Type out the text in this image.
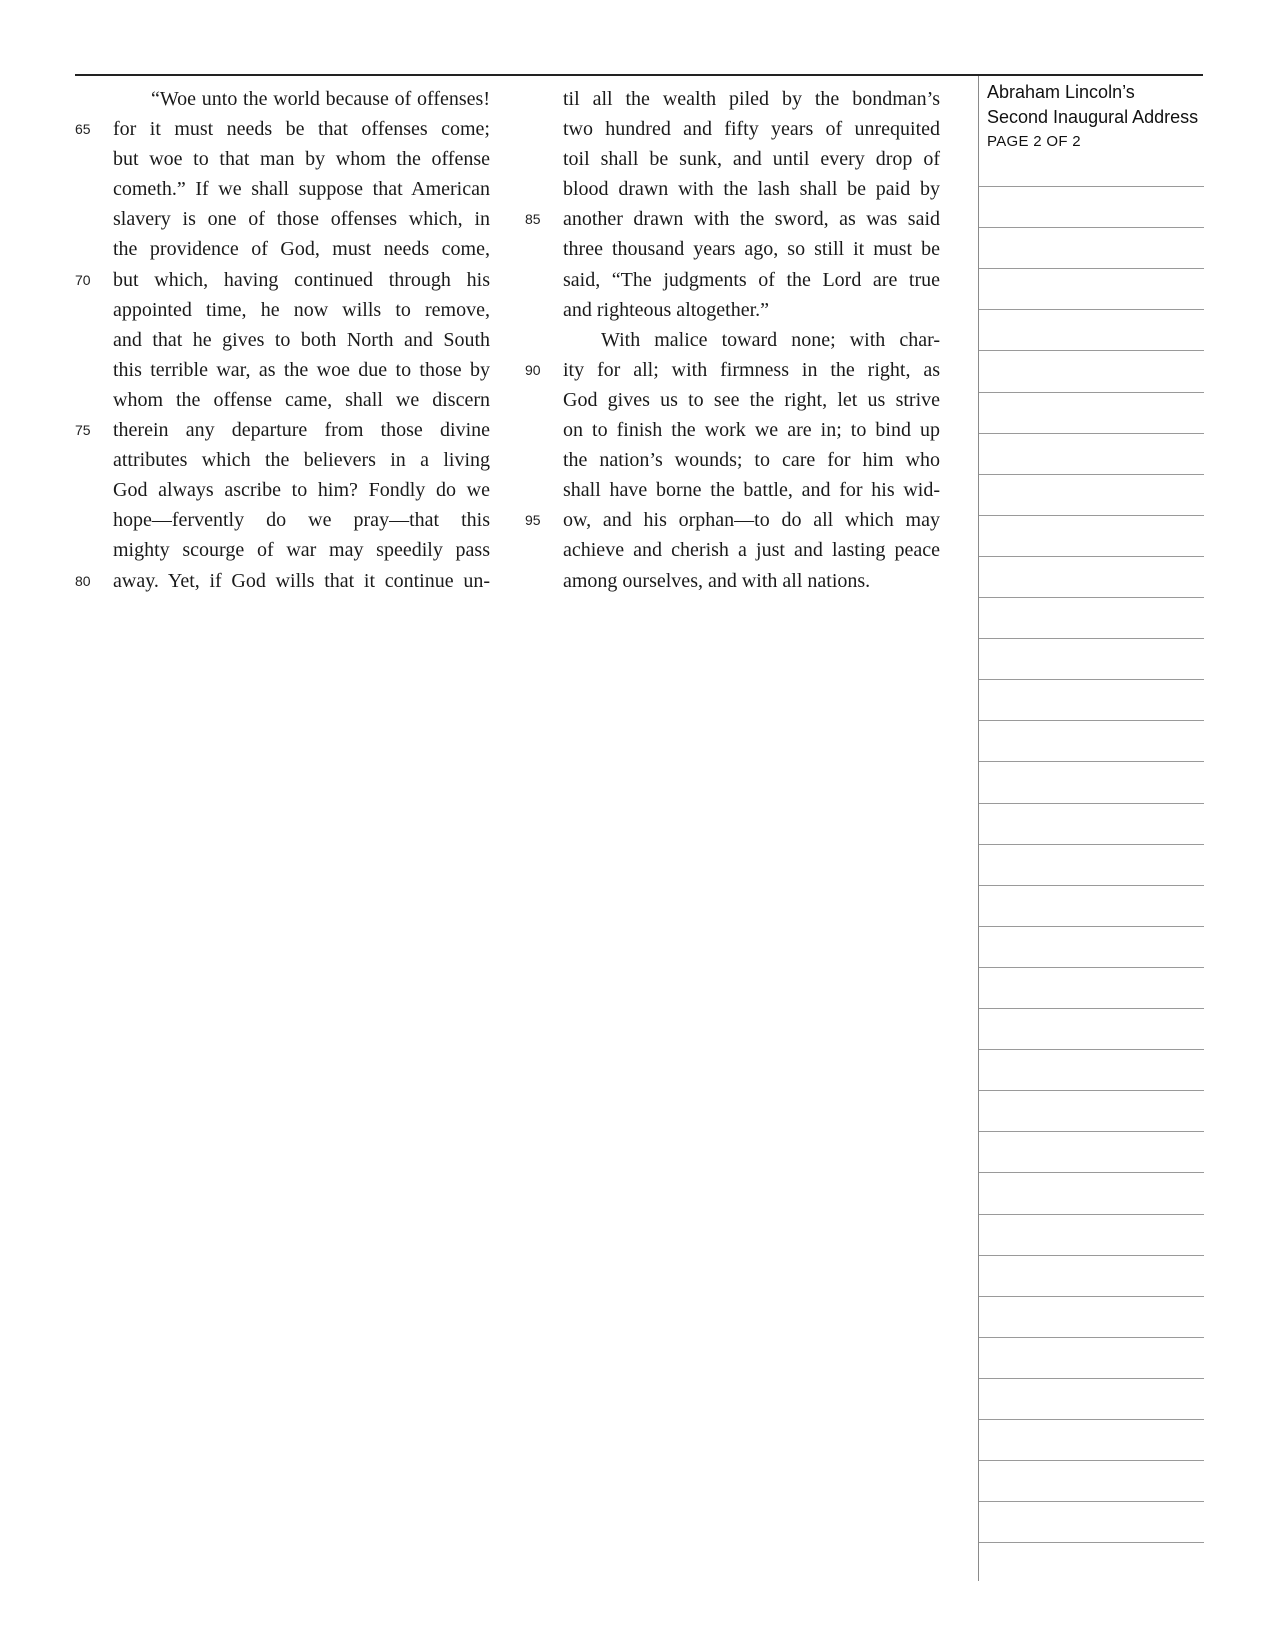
“Woe unto the world because of offenses!
65	for it must needs be that offenses come;
but woe to that man by whom the offense
cometh.” If we shall suppose that American
slavery is one of those offenses which, in
the providence of God, must needs come,
70	but which, having continued through his
appointed time, he now wills to remove,
and that he gives to both North and South
this terrible war, as the woe due to those by
whom the offense came, shall we discern
75	therein any departure from those divine
attributes which the believers in a living
God always ascribe to him? Fondly do we
hope—fervently do we pray—that this
mighty scourge of war may speedily pass
80	away. Yet, if God wills that it continue un-
til all the wealth piled by the bondman’s
two hundred and fifty years of unrequited
toil shall be sunk, and until every drop of
blood drawn with the lash shall be paid by
85	another drawn with the sword, as was said
three thousand years ago, so still it must be
said, “The judgments of the Lord are true
and righteous altogether.”
With malice toward none; with char-
90	ity for all; with firmness in the right, as
God gives us to see the right, let us strive
on to finish the work we are in; to bind up
the nation’s wounds; to care for him who
shall have borne the battle, and for his wid-
95	ow, and his orphan—to do all which may
achieve and cherish a just and lasting peace
among ourselves, and with all nations.
Abraham Lincoln’s
Second Inaugural Address
PAGE 2 OF 2
